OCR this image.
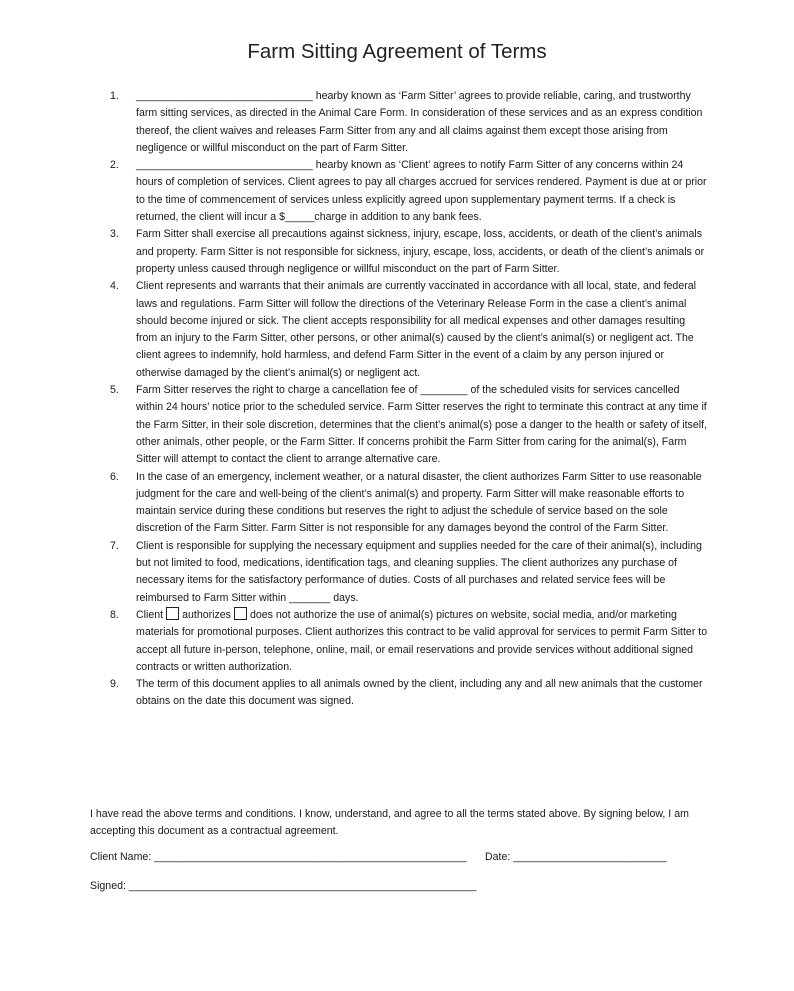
Farm Sitting Agreement of Terms
1. ______________________________ hearby known as ‘Farm Sitter’ agrees to provide reliable, caring, and trustworthy farm sitting services, as directed in the Animal Care Form. In consideration of these services and as an express condition thereof, the client waives and releases Farm Sitter from any and all claims against them except those arising from negligence or willful misconduct on the part of Farm Sitter.
2. ______________________________ hearby known as ‘Client’ agrees to notify Farm Sitter of any concerns within 24 hours of completion of services. Client agrees to pay all charges accrued for services rendered. Payment is due at or prior to the time of commencement of services unless explicitly agreed upon supplementary payment terms. If a check is returned, the client will incur a $_____charge in addition to any bank fees.
3. Farm Sitter shall exercise all precautions against sickness, injury, escape, loss, accidents, or death of the client’s animals and property. Farm Sitter is not responsible for sickness, injury, escape, loss, accidents, or death of the client’s animals or property unless caused through negligence or willful misconduct on the part of Farm Sitter.
4. Client represents and warrants that their animals are currently vaccinated in accordance with all local, state, and federal laws and regulations. Farm Sitter will follow the directions of the Veterinary Release Form in the case a client’s animal should become injured or sick. The client accepts responsibility for all medical expenses and other damages resulting from an injury to the Farm Sitter, other persons, or other animal(s) caused by the client’s animal(s) or negligent act. The client agrees to indemnify, hold harmless, and defend Farm Sitter in the event of a claim by any person injured or otherwise damaged by the client’s animal(s) or negligent act.
5. Farm Sitter reserves the right to charge a cancellation fee of ________ of the scheduled visits for services cancelled within 24 hours’ notice prior to the scheduled service. Farm Sitter reserves the right to terminate this contract at any time if the Farm Sitter, in their sole discretion, determines that the client’s animal(s) pose a danger to the health or safety of itself, other animals, other people, or the Farm Sitter. If concerns prohibit the Farm Sitter from caring for the animal(s), Farm Sitter will attempt to contact the client to arrange alternative care.
6. In the case of an emergency, inclement weather, or a natural disaster, the client authorizes Farm Sitter to use reasonable judgment for the care and well-being of the client’s animal(s) and property. Farm Sitter will make reasonable efforts to maintain service during these conditions but reserves the right to adjust the schedule of service based on the sole discretion of the Farm Sitter. Farm Sitter is not responsible for any damages beyond the control of the Farm Sitter.
7. Client is responsible for supplying the necessary equipment and supplies needed for the care of their animal(s), including but not limited to food, medications, identification tags, and cleaning supplies. The client authorizes any purchase of necessary items for the satisfactory performance of duties. Costs of all purchases and related service fees will be reimbursed to Farm Sitter within _______ days.
8. Client authorizes does not authorize the use of animal(s) pictures on website, social media, and/or marketing materials for promotional purposes. Client authorizes this contract to be valid approval for services to permit Farm Sitter to accept all future in-person, telephone, online, mail, or email reservations and provide services without additional signed contracts or written authorization.
9. The term of this document applies to all animals owned by the client, including any and all new animals that the customer obtains on the date this document was signed.

I have read the above terms and conditions. I know, understand, and agree to all the terms stated above. By signing below, I am accepting this document as a contractual agreement.

Client Name: _____________________________________________________ Date: __________________________
Signed: ___________________________________________________________
